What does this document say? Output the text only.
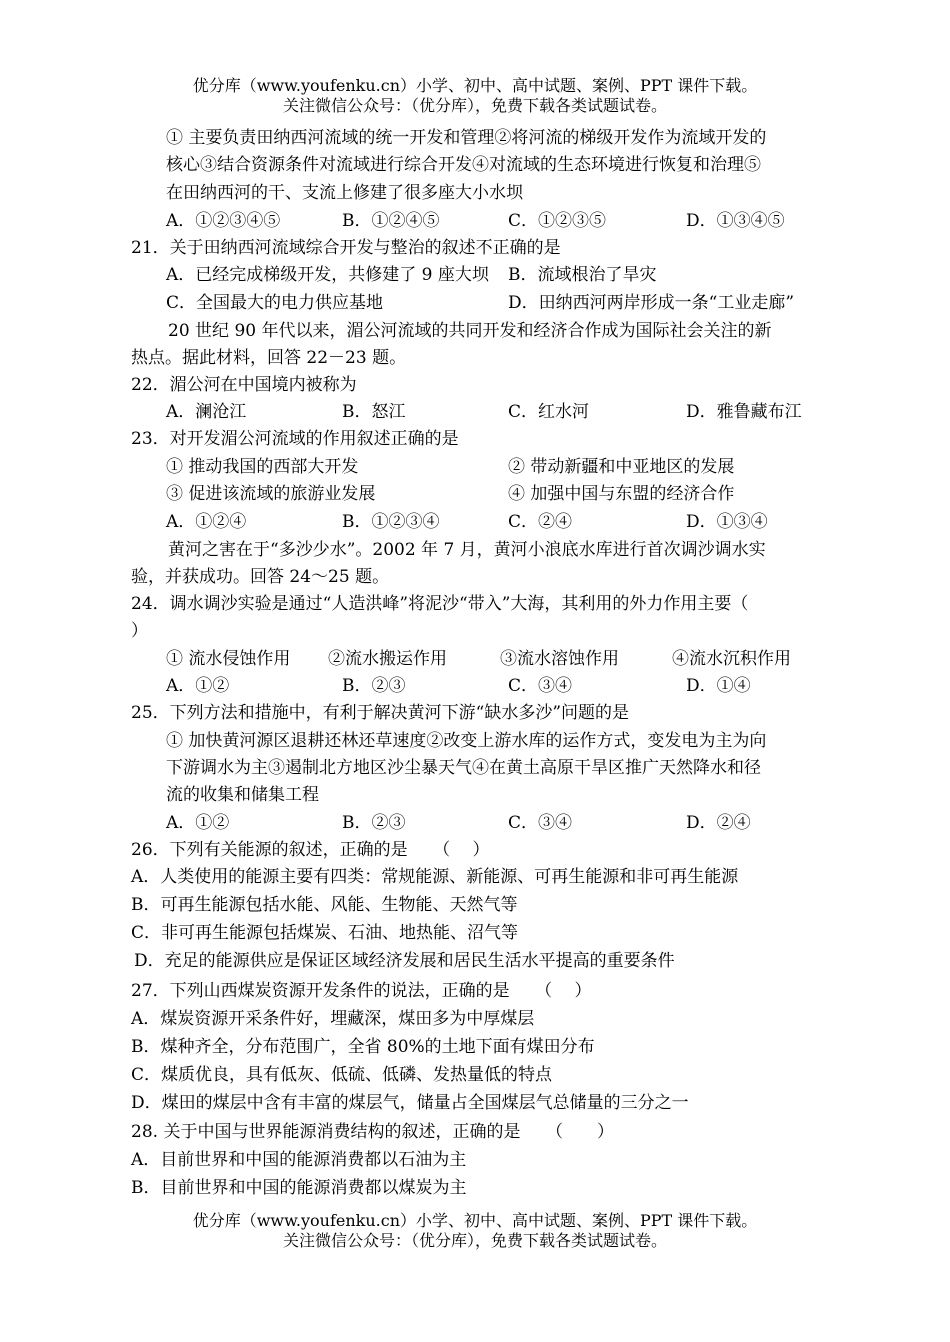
优分库（www.youfenku.cn）小学、初中、高中试题、案例、PPT 课件下载。
关注微信公众号：（优分库），免费下载各类试题试卷。
① 主要负责田纳西河流域的统一开发和管理②将河流的梯级开发作为流域开发的
核心③结合资源条件对流域进行综合开发④对流域的生态环境进行恢复和治理⑤
在田纳西河的干、支流上修建了很多座大小水坝
A．①②③④⑤	B．①②④⑤	C．①②③⑤	D．①③④⑤
21．关于田纳西河流域综合开发与整治的叙述不正确的是
A．已经完成梯级开发，共修建了 9 座大坝 B．流域根治了旱灾
C．全国最大的电力供应基地	D．田纳西河两岸形成一条“工业走廊”
20 世纪 90 年代以来，湄公河流域的共同开发和经济合作成为国际社会关注的新
热点。据此材料，回答 22－23 题。
22．湄公河在中国境内被称为
A．澜沧江	B．怒江	C．红水河	D．雅鲁藏布江
23．对开发湄公河流域的作用叙述正确的是
① 推动我国的西部大开发	② 带动新疆和中亚地区的发展
③ 促进该流域的旅游业发展	④ 加强中国与东盟的经济合作
A．①②④	B．①②③④	C．②④	D．①③④
黄河之害在于“多沙少水”。2002 年 7 月，黄河小浪底水库进行首次调沙调水实
验，并获成功。回答 24～25 题。
24．调水调沙实验是通过“人造洪峰”将泥沙“带入”大海，其利用的外力作用主要（
）
① 流水侵蚀作用 ②流水搬运作用	③流水溶蚀作用	④流水沉积作用
A．①②	B．②③	C．③④	D．①④
25．下列方法和措施中，有利于解决黄河下游“缺水多沙”问题的是
① 加快黄河源区退耕还林还草速度②改变上游水库的运作方式，变发电为主为向
下游调水为主③遏制北方地区沙尘暴天气④在黄土高原干旱区推广天然降水和径
流的收集和储集工程
A．①②	B．②③	C．③④	D．②④
26．下列有关能源的叙述，正确的是　　（　 ）
A．人类使用的能源主要有四类：常规能源、新能源、可再生能源和非可再生能源
B．可再生能源包括水能、风能、生物能、天然气等
C．非可再生能源包括煤炭、石油、地热能、沼气等
D．充足的能源供应是保证区域经济发展和居民生活水平提高的重要条件
27．下列山西煤炭资源开发条件的说法，正确的是　　（　 ）
A．煤炭资源开采条件好，埋藏深，煤田多为中厚煤层
B．煤种齐全，分布范围广，全省 80%的土地下面有煤田分布
C．煤质优良，具有低灰、低硫、低磷、发热量低的特点
D．煤田的煤层中含有丰富的煤层气，储量占全国煤层气总储量的三分之一
28. 关于中国与世界能源消费结构的叙述，正确的是　　（　　）
A．目前世界和中国的能源消费都以石油为主
B．目前世界和中国的能源消费都以煤炭为主
优分库（www.youfenku.cn）小学、初中、高中试题、案例、PPT 课件下载。
关注微信公众号：（优分库），免费下载各类试题试卷。
